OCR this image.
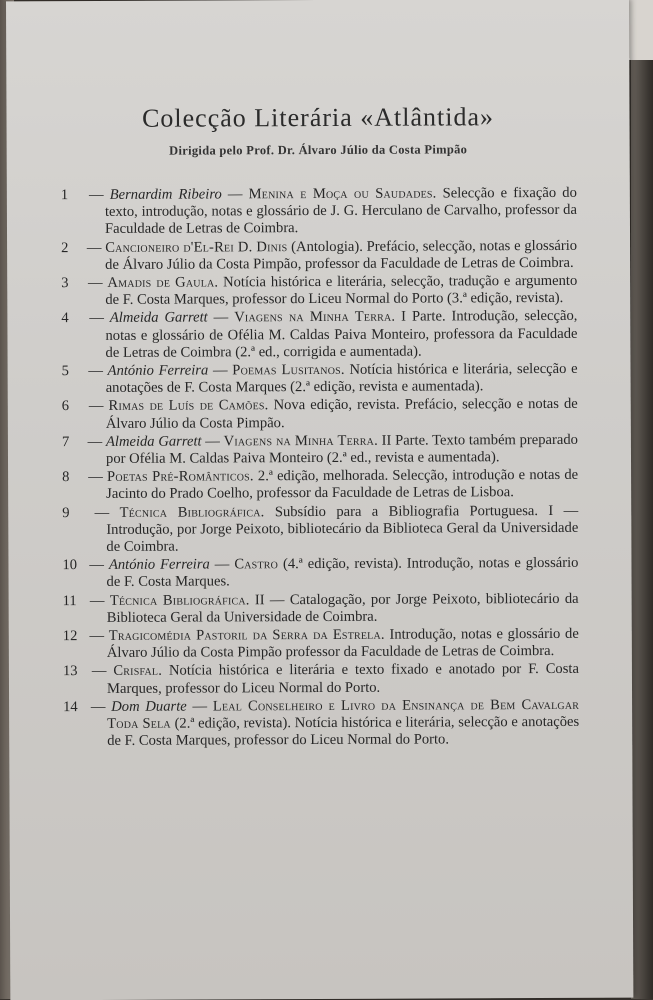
Colecção Literária «Atlântida»
Dirigida pelo Prof. Dr. Álvaro Júlio da Costa Pimpão
1 — Bernardim Ribeiro — Menina e Moça ou Saudades. Selecção e fixação do texto, introdução, notas e glossário de J. G. Herculano de Carvalho, professor da Faculdade de Letras de Coimbra.
2 — Cancioneiro d'El-Rei D. Dinis (Antologia). Prefácio, selecção, notas e glossário de Álvaro Júlio da Costa Pimpão, professor da Faculdade de Letras de Coimbra.
3 — Amadis de Gaula. Notícia histórica e literária, selecção, tradução e argumento de F. Costa Marques, professor do Liceu Normal do Porto (3.ª edição, revista).
4 — Almeida Garrett — Viagens na Minha Terra. I Parte. Introdução, selecção, notas e glossário de Ofélia M. Caldas Paiva Monteiro, professora da Faculdade de Letras de Coimbra (2.ª ed., corrigida e aumentada).
5 — António Ferreira — Poemas Lusitanos. Notícia histórica e literária, selecção e anotações de F. Costa Marques (2.ª edição, revista e aumentada).
6 — Rimas de Luís de Camões. Nova edição, revista. Prefácio, selecção e notas de Álvaro Júlio da Costa Pimpão.
7 — Almeida Garrett — Viagens na Minha Terra. II Parte. Texto também preparado por Ofélia M. Caldas Paiva Monteiro (2.ª ed., revista e aumentada).
8 — Poetas Pré-Românticos. 2.ª edição, melhorada. Selecção, introdução e notas de Jacinto do Prado Coelho, professor da Faculdade de Letras de Lisboa.
9 — Técnica Bibliográfica. Subsídio para a Bibliografia Portuguesa. I — Introdução, por Jorge Peixoto, bibliotecário da Biblioteca Geral da Universidade de Coimbra.
10 — António Ferreira — Castro (4.ª edição, revista). Introdução, notas e glossário de F. Costa Marques.
11 — Técnica Bibliográfica. II — Catalogação, por Jorge Peixoto, bibliotecário da Biblioteca Geral da Universidade de Coimbra.
12 — Tragicomédia Pastoril da Serra da Estrela. Introdução, notas e glossário de Álvaro Júlio da Costa Pimpão professor da Faculdade de Letras de Coimbra.
13 — Crisfal. Notícia histórica e literária e texto fixado e anotado por F. Costa Marques, professor do Liceu Normal do Porto.
14 — Dom Duarte — Leal Conselheiro e Livro da Ensinança de Bem Cavalgar Toda Sela (2.ª edição, revista). Notícia histórica e literária, selecção e anotações de F. Costa Marques, professor do Liceu Normal do Porto.
